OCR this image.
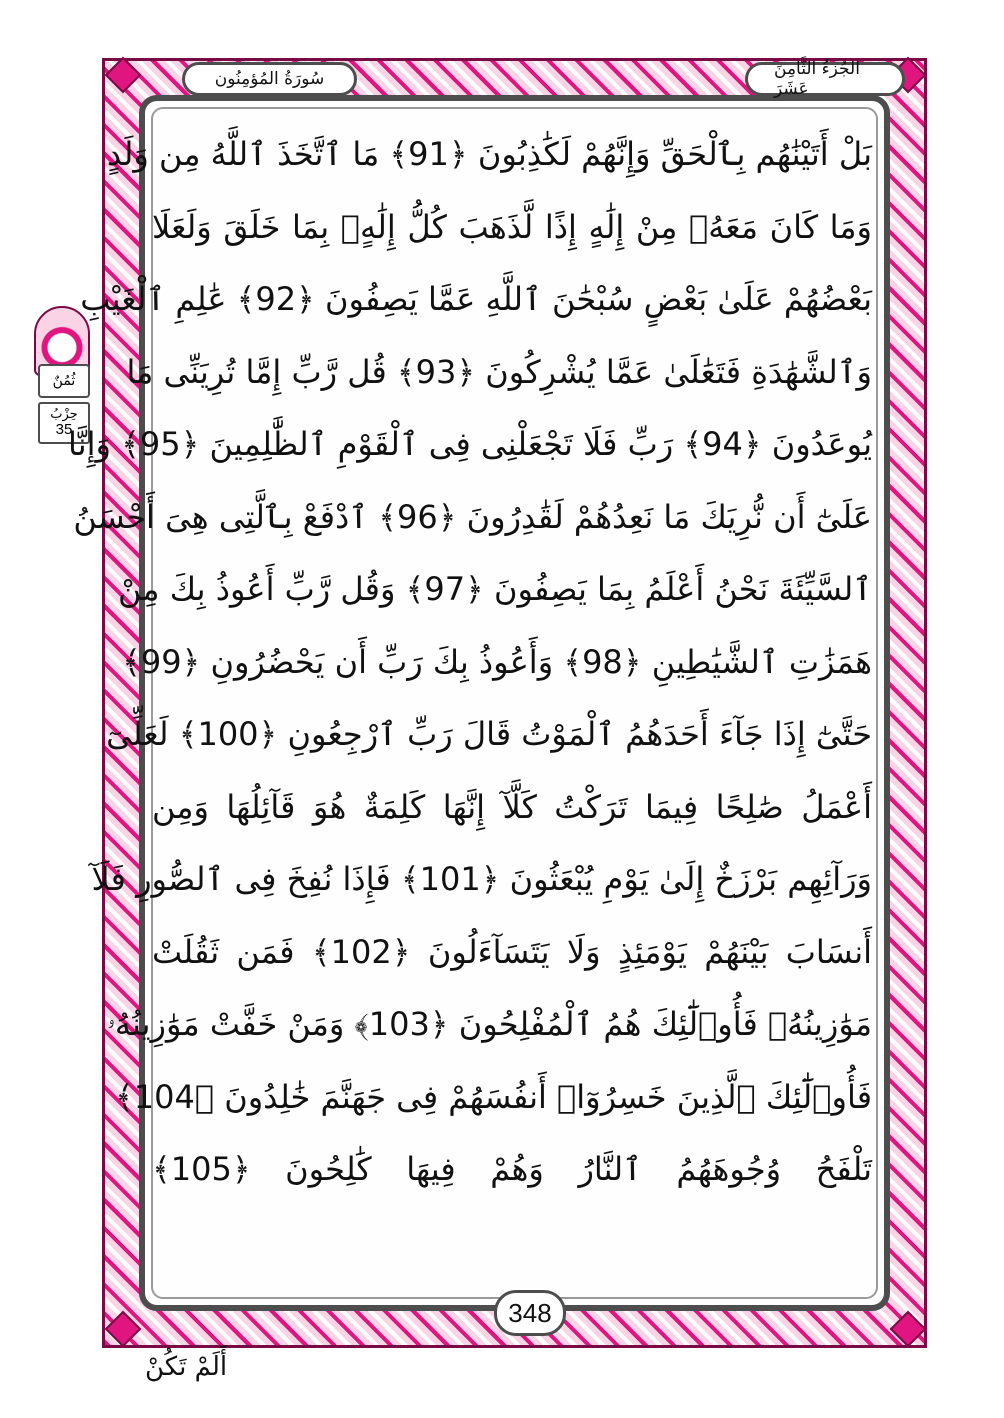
سُورَةُ المُؤمِنُون	الجُزءُ الثَّامِنَ عَشَرَ
ثُمُنٌ
حِزْبُ
35
بَلْ أَتَيْنَٰهُم بِٱلْحَقِّ وَإِنَّهُمْ لَكَٰذِبُونَ ﴿91﴾ مَا ٱتَّخَذَ ٱللَّهُ مِن وَلَدٍ
وَمَا كَانَ مَعَهُۥ مِنْ إِلَٰهٍ إِذًا لَّذَهَبَ كُلُّ إِلَٰهٍۭ بِمَا خَلَقَ وَلَعَلَا
بَعْضُهُمْ عَلَىٰ بَعْضٍ سُبْحَٰنَ ٱللَّهِ عَمَّا يَصِفُونَ ﴿92﴾ عَٰلِمِ ٱلْغَيْبِ
وَٱلشَّهَٰدَةِ فَتَعَٰلَىٰ عَمَّا يُشْرِكُونَ ﴿93﴾ قُل رَّبِّ إِمَّا تُرِيَنِّى مَا
يُوعَدُونَ ﴿94﴾ رَبِّ فَلَا تَجْعَلْنِى فِى ٱلْقَوْمِ ٱلظَّٰلِمِينَ ﴿95﴾ وَإِنَّا
عَلَىٰٓ أَن نُّرِيَكَ مَا نَعِدُهُمْ لَقَٰدِرُونَ ﴿96﴾ ٱدْفَعْ بِٱلَّتِى هِىَ أَحْسَنُ
ٱلسَّيِّئَةَ نَحْنُ أَعْلَمُ بِمَا يَصِفُونَ ﴿97﴾ وَقُل رَّبِّ أَعُوذُ بِكَ مِنْ
هَمَزَٰتِ ٱلشَّيَٰطِينِ ﴿98﴾ وَأَعُوذُ بِكَ رَبِّ أَن يَحْضُرُونِ ﴿99﴾
حَتَّىٰٓ إِذَا جَآءَ أَحَدَهُمُ ٱلْمَوْتُ قَالَ رَبِّ ٱرْجِعُونِ ﴿100﴾ لَعَلِّىٓ
أَعْمَلُ صَٰلِحًا فِيمَا تَرَكْتُ كَلَّآ إِنَّهَا كَلِمَةٌ هُوَ قَآئِلُهَا وَمِن
وَرَآئِهِم بَرْزَخٌ إِلَىٰ يَوْمِ يُبْعَثُونَ ﴿101﴾ فَإِذَا نُفِخَ فِى ٱلصُّورِ فَلَآ
أَنسَابَ بَيْنَهُمْ يَوْمَئِذٍ وَلَا يَتَسَآءَلُونَ ﴿102﴾ فَمَن ثَقُلَتْ
مَوَٰزِينُهُۥ فَأُو۟لَٰٓئِكَ هُمُ ٱلْمُفْلِحُونَ ﴿103﴾ وَمَنْ خَفَّتْ مَوَٰزِينُهُۥ
فَأُو۟لَٰٓئِكَ ٱلَّذِينَ خَسِرُوٓا۟ أَنفُسَهُمْ فِى جَهَنَّمَ خَٰلِدُونَ ﴿104﴾
تَلْفَحُ وُجُوهَهُمُ ٱلنَّارُ وَهُمْ فِيهَا كَٰلِحُونَ ﴿105﴾
348
أَلَمْ تَكُنْ
